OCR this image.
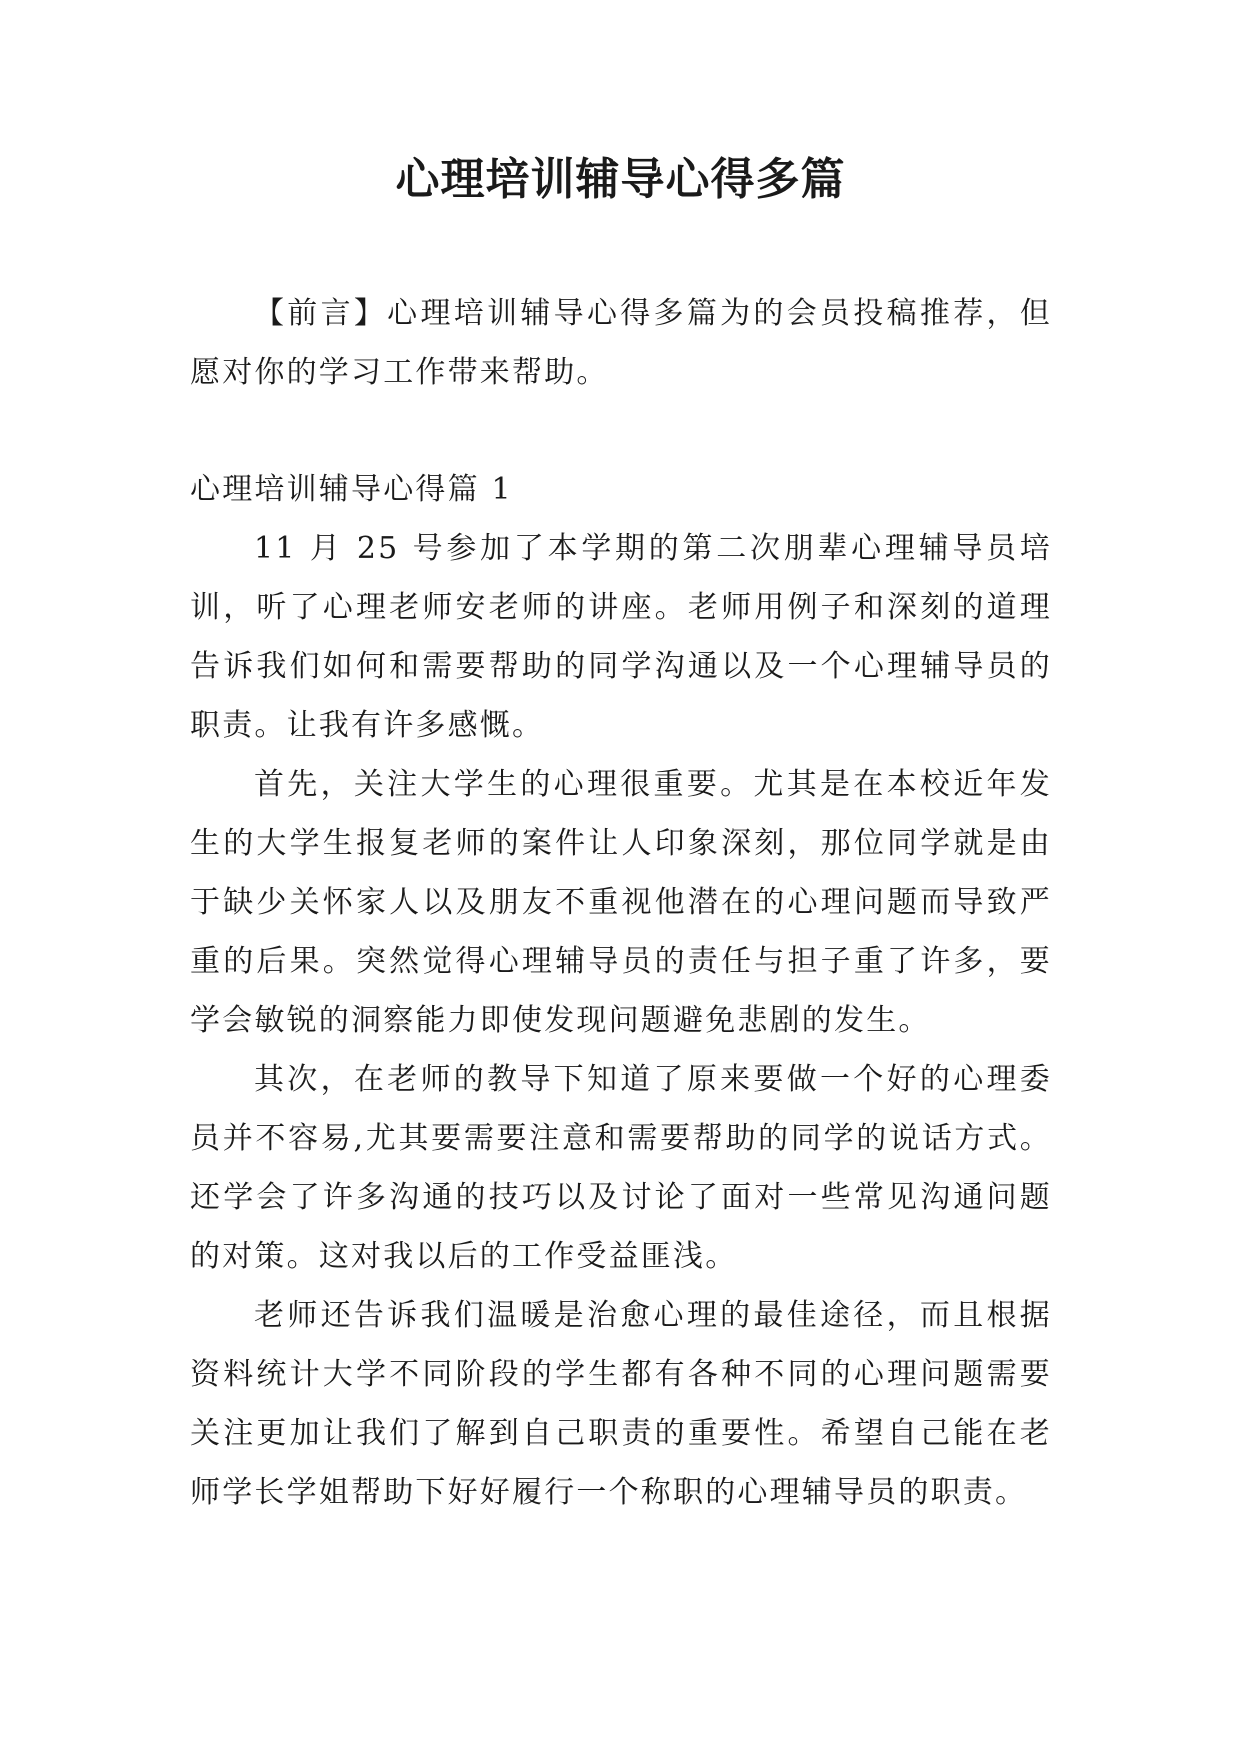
心理培训辅导心得多篇

【前言】心理培训辅导心得多篇为的会员投稿推荐，但愿对你的学习工作带来帮助。

心理培训辅导心得篇 1

11 月 25 号参加了本学期的第二次朋辈心理辅导员培训，听了心理老师安老师的讲座。老师用例子和深刻的道理告诉我们如何和需要帮助的同学沟通以及一个心理辅导员的职责。让我有许多感慨。

首先，关注大学生的心理很重要。尤其是在本校近年发生的大学生报复老师的案件让人印象深刻，那位同学就是由于缺少关怀家人以及朋友不重视他潜在的心理问题而导致严重的后果。突然觉得心理辅导员的责任与担子重了许多，要学会敏锐的洞察能力即使发现问题避免悲剧的发生。

其次，在老师的教导下知道了原来要做一个好的心理委员并不容易,尤其要需要注意和需要帮助的同学的说话方式。还学会了许多沟通的技巧以及讨论了面对一些常见沟通问题的对策。这对我以后的工作受益匪浅。

老师还告诉我们温暖是治愈心理的最佳途径，而且根据资料统计大学不同阶段的学生都有各种不同的心理问题需要关注更加让我们了解到自己职责的重要性。希望自己能在老师学长学姐帮助下好好履行一个称职的心理辅导员的职责。
